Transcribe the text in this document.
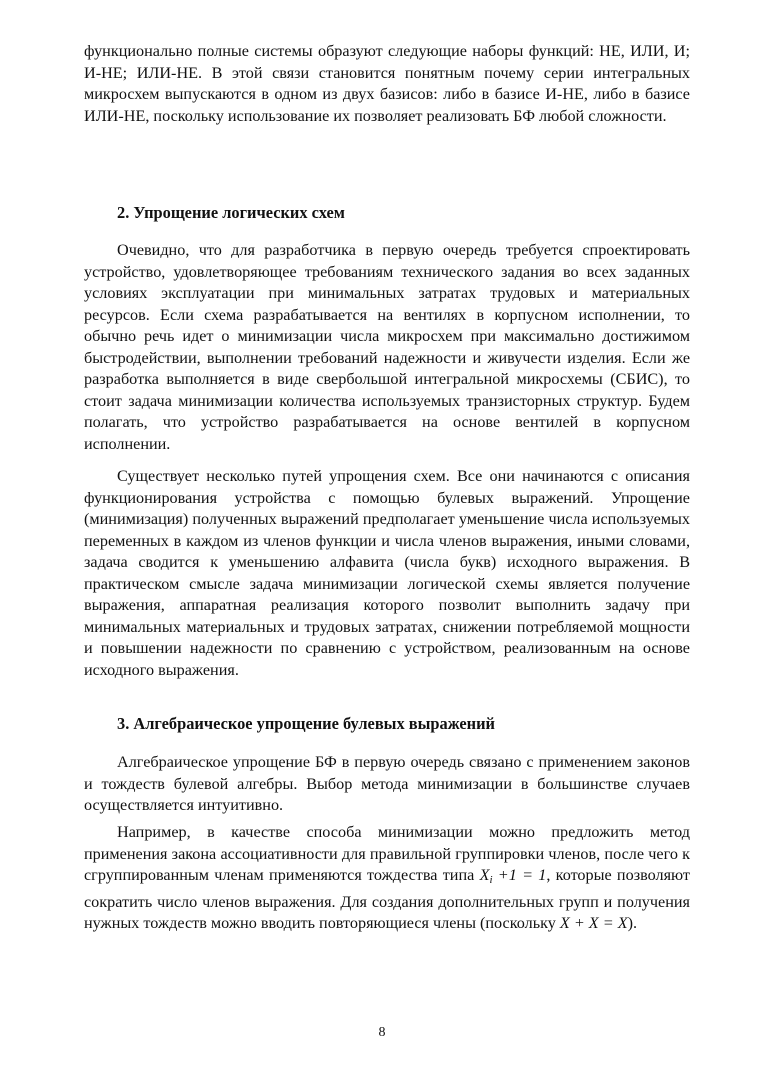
функционально полные системы образуют следующие наборы функций: НЕ, ИЛИ, И; И-НЕ; ИЛИ-НЕ. В этой связи становится понятным почему серии интегральных микросхем выпускаются в одном из двух базисов: либо в базисе И-НЕ, либо в базисе ИЛИ-НЕ, поскольку использование их позволяет реализовать БФ любой сложности.

2. Упрощение логических схем

Очевидно, что для разработчика в первую очередь требуется спроектировать устройство, удовлетворяющее требованиям технического задания во всех заданных условиях эксплуатации при минимальных затратах трудовых и материальных ресурсов. Если схема разрабатывается на вентилях в корпусном исполнении, то обычно речь идет о минимизации числа микросхем при максимально достижимом быстродействии, выполнении требований надежности и живучести изделия. Если же разработка выполняется в виде свербольшой интегральной микросхемы (СБИС), то стоит задача минимизации количества используемых транзисторных структур. Будем полагать, что устройство разрабатывается на основе вентилей в корпусном исполнении.

Существует несколько путей упрощения схем. Все они начинаются с описания функционирования устройства с помощью булевых выражений. Упрощение (минимизация) полученных выражений предполагает уменьшение числа используемых переменных в каждом из членов функции и числа членов выражения, иными словами, задача сводится к уменьшению алфавита (числа букв) исходного выражения. В практическом смысле задача минимизации логической схемы является получение выражения, аппаратная реализация которого позволит выполнить задачу при минимальных материальных и трудовых затратах, снижении потребляемой мощности и повышении надежности по сравнению с устройством, реализованным на основе исходного выражения.

3. Алгебраическое упрощение булевых выражений

Алгебраическое упрощение БФ в первую очередь связано с применением законов и тождеств булевой алгебры. Выбор метода минимизации в большинстве случаев осуществляется интуитивно.

Например, в качестве способа минимизации можно предложить метод применения закона ассоциативности для правильной группировки членов, после чего к сгруппированным членам применяются тождества типа $X_i +1 = 1$, которые позволяют сократить число членов выражения. Для создания дополнительных групп и получения нужных тождеств можно вводить повторяющиеся члены (поскольку X + X = X).

8
